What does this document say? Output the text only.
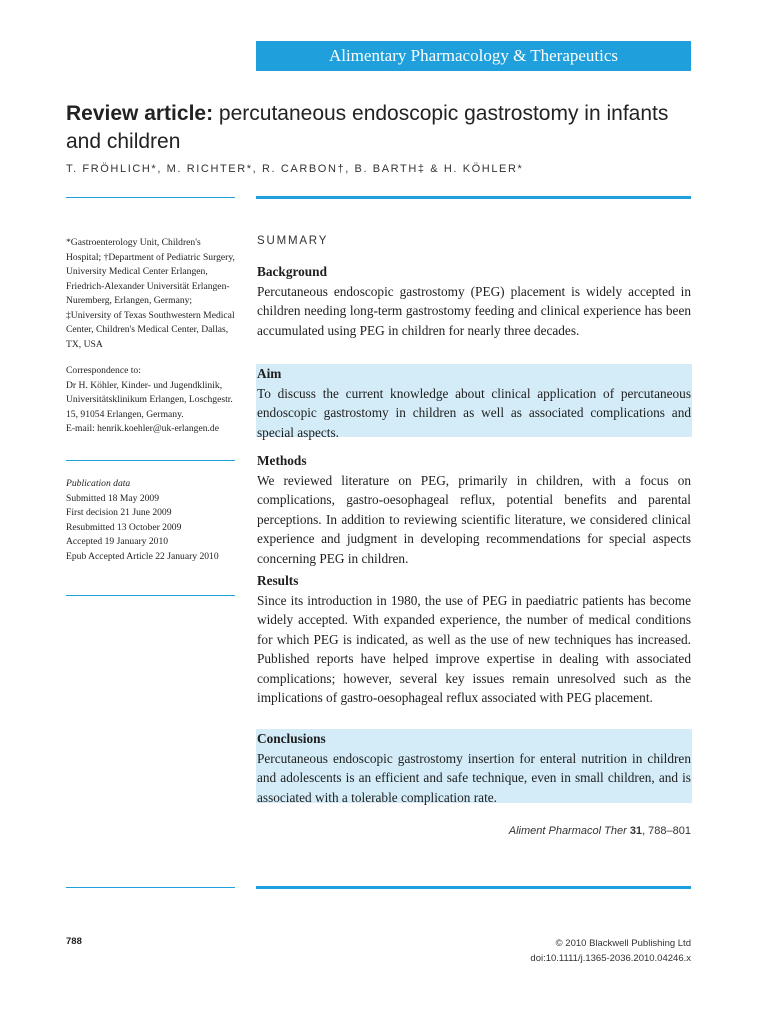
Alimentary Pharmacology & Therapeutics
Review article: percutaneous endoscopic gastrostomy in infants and children
T. FRÖHLICH*, M. RICHTER*, R. CARBON†, B. BARTH‡ & H. KÖHLER*

*Gastroenterology Unit, Children's Hospital; †Department of Pediatric Surgery, University Medical Center Erlangen, Friedrich-Alexander Universität Erlangen-Nuremberg, Erlangen, Germany; ‡University of Texas Southwestern Medical Center, Children's Medical Center, Dallas, TX, USA

Correspondence to:

Dr H. Köhler, Kinder- und Jugendklinik, Universitätsklinikum Erlangen, Loschgestr. 15, 91054 Erlangen, Germany.

E-mail: henrik.koehler@uk-erlangen.de

Publication data

Submitted 18 May 2009

First decision 21 June 2009

Resubmitted 13 October 2009

Accepted 19 January 2010

Epub Accepted Article 22 January 2010

SUMMARY
Background
Percutaneous endoscopic gastrostomy (PEG) placement is widely accepted in children needing long-term gastrostomy feeding and clinical experience has been accumulated using PEG in children for nearly three decades.
Aim
To discuss the current knowledge about clinical application of percutaneous endoscopic gastrostomy in children as well as associated complications and special aspects.
Methods
We reviewed literature on PEG, primarily in children, with a focus on complications, gastro-oesophageal reflux, potential benefits and parental perceptions. In addition to reviewing scientific literature, we considered clinical experience and judgment in developing recommendations for special aspects concerning PEG in children.
Results
Since its introduction in 1980, the use of PEG in paediatric patients has become widely accepted. With expanded experience, the number of medical conditions for which PEG is indicated, as well as the use of new techniques has increased. Published reports have helped improve expertise in dealing with associated complications; however, several key issues remain unresolved such as the implications of gastro-oesophageal reflux associated with PEG placement.
Conclusions
Percutaneous endoscopic gastrostomy insertion for enteral nutrition in children and adolescents is an efficient and safe technique, even in small children, and is associated with a tolerable complication rate.
Aliment Pharmacol Ther 31, 788–801
788	© 2010 Blackwell Publishing Ltd
doi:10.1111/j.1365-2036.2010.04246.x
